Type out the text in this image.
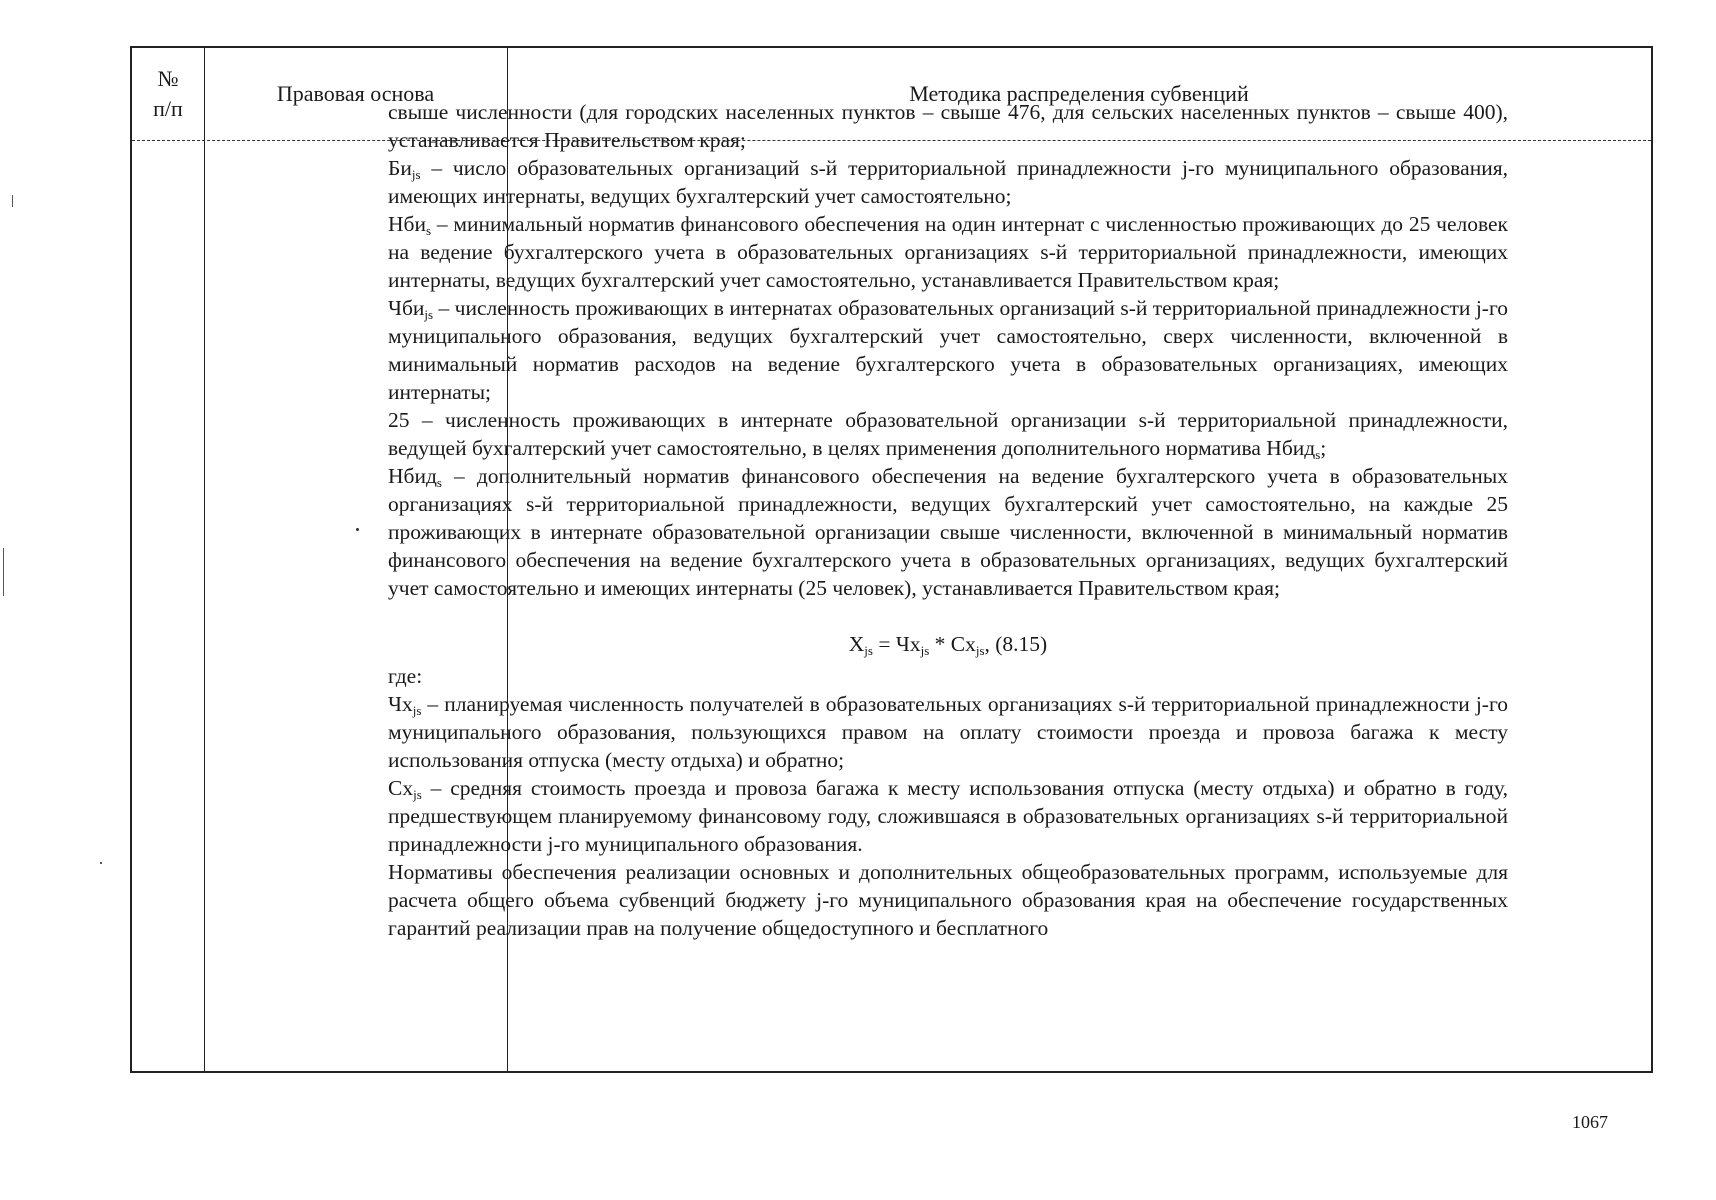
№
п/п
Правовая основа	Методика распределения субвенций

свыше численности (для городских населенных пунктов – свыше 476, для сельских населенных пунктов – свыше 400), устанавливается Правительством края;

$Би_{js}$ – число образовательных организаций s-й территориальной принадлежности j-го муниципального образования, имеющих интернаты, ведущих бухгалтерский учет самостоятельно;

Нби$_s$ – минимальный норматив финансового обеспечения на один интернат с численностью проживающих до 25 человек на ведение бухгалтерского учета в образовательных организациях s-й территориальной принадлежности, имеющих интернаты, ведущих бухгалтерский учет самостоятельно, устанавливается Правительством края;

Чби$_{js}$ – численность проживающих в интернатах образовательных организаций s-й территориальной принадлежности j-го муниципального образования, ведущих бухгалтерский учет самостоятельно, сверх численности, включенной в минимальный норматив расходов на ведение бухгалтерского учета в образовательных организациях, имеющих интернаты;

25 – численность проживающих в интернате образовательной организации s-й территориальной принадлежности, ведущей бухгалтерский учет самостоятельно, в целях применения дополнительного норматива Нбид$_s$;

Нбид$_s$ – дополнительный норматив финансового обеспечения на ведение бухгалтерского учета в образовательных организациях s-й территориальной принадлежности, ведущих бухгалтерский учет самостоятельно, на каждые 25 проживающих в интернате образовательной организации свыше численности, включенной в минимальный норматив финансового обеспечения на ведение бухгалтерского учета в образовательных организациях, ведущих бухгалтерский учет самостоятельно и имеющих интернаты (25 человек), устанавливается Правительством края;

$X_{js} = Чх_{js} * Сх_{js}$, (8.15)

где:

$Чх_{js}$ – планируемая численность получателей в образовательных организациях s-й территориальной принадлежности j-го муниципального образования, пользующихся правом на оплату стоимости проезда и провоза багажа к месту использования отпуска (месту отдыха) и обратно;

$Сх_{js}$ – средняя стоимость проезда и провоза багажа к месту использования отпуска (месту отдыха) и обратно в году, предшествующем планируемому финансовому году, сложившаяся в образовательных организациях s-й территориальной принадлежности j-го муниципального образования.

Нормативы обеспечения реализации основных и дополнительных общеобразовательных программ, используемые для расчета общего объема субвенций бюджету j-го муниципального образования края на обеспечение государственных гарантий реализации прав на получение общедоступного и бесплатного

1067
